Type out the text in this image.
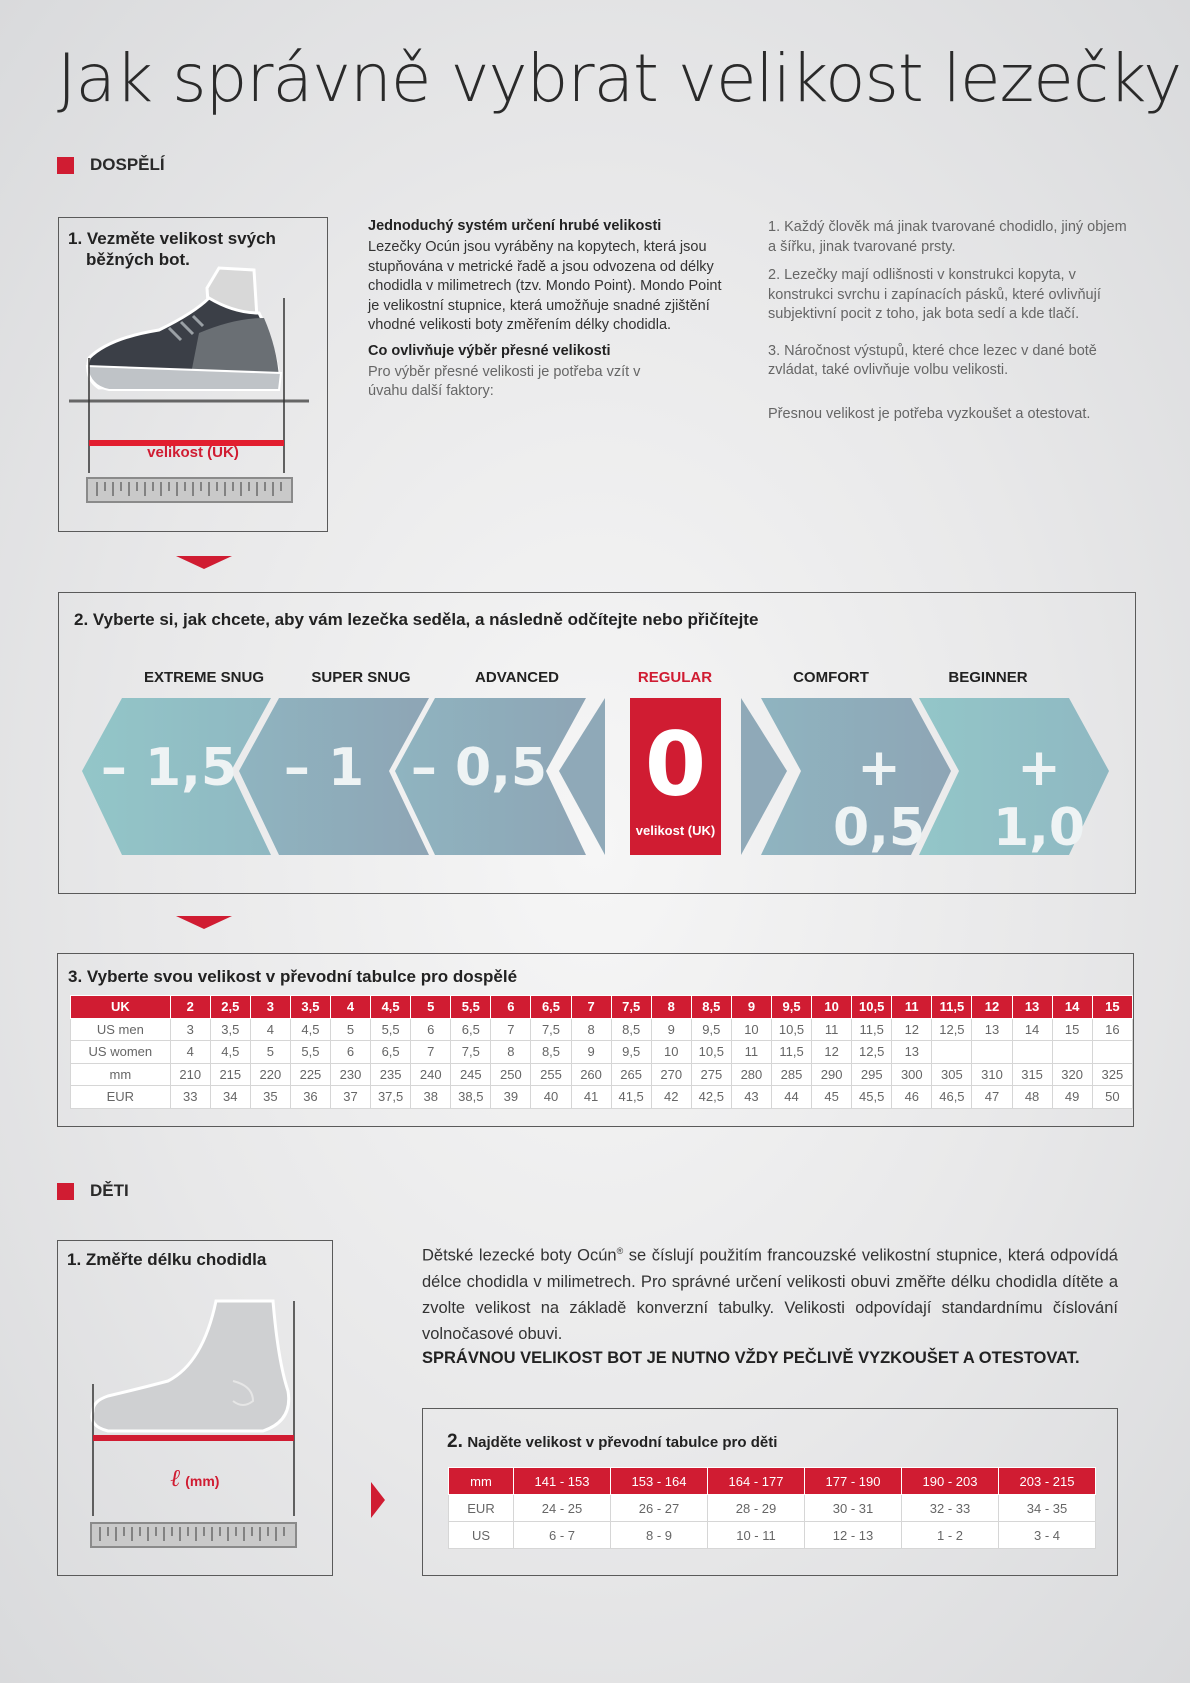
Jak správně vybrat velikost lezečky
DOSPĚLÍ
1. Vezměte velikost svých
běžných bot.
velikost (UK)
Jednoduchý systém určení hrubé velikosti
Lezečky Ocún jsou vyráběny na kopytech, která jsou stupňována v metrické řadě a jsou odvozena od délky chodidla v milimetrech (tzv. Mondo Point). Mondo Point je velikostní stupnice, která umožňuje snadné zjištění vhodné velikosti boty změřením délky chodidla.
Co ovlivňuje výběr přesné velikosti
Pro výběr přesné velikosti je potřeba vzít v úvahu další faktory:
1. Každý člověk má jinak tvarované chodidlo, jiný objem a šířku, jinak tvarované prsty.
2. Lezečky mají odlišnosti v konstrukci kopyta, v konstrukci svrchu i zapínacích pásků, které ovlivňují subjektivní pocit z toho, jak bota sedí a kde tlačí.
3. Náročnost výstupů, které chce lezec v dané botě zvládat, také ovlivňuje volbu velikosti.
Přesnou velikost je potřeba vyzkoušet a otestovat.
2. Vyberte si, jak chcete, aby vám lezečka seděla, a následně odčítejte nebo přičítejte
EXTREME SNUG	SUPER SNUG	ADVANCED	REGULAR	COMFORT	BEGINNER
– 1,5 – 1 – 0,5 0
velikost (UK)
+ 0,5
+ 1,0
3. Vyberte svou velikost v převodní tabulce pro dospělé
UK	2	2,5	3	3,5	4	4,5	5	5,5	6	6,5	7	7,5	8	8,5	9	9,5	10	10,5	11	11,5	12	13	14	15
US men	3	3,5	4	4,5	5	5,5	6	6,5	7	7,5	8	8,5	9	9,5	10	10,5	11	11,5	12	12,5	13	14	15	16
US women	4	4,5	5	5,5	6	6,5	7	7,5	8	8,5	9	9,5	10	10,5	11	11,5	12	12,5	13					
mm	210	215	220	225	230	235	240	245	250	255	260	265	270	275	280	285	290	295	300	305	310	315	320	325
EUR	33	34	35	36	37	37,5	38	38,5	39	40	41	41,5	42	42,5	43	44	45	45,5	46	46,5	47	48	49	50
DĚTI
1. Změřte délku chodidla
ℓ (mm)
Dětské lezecké boty Ocún® se číslují použitím francouzské velikostní stupnice, která odpovídá délce chodidla v milimetrech. Pro správné určení velikosti obuvi změřte délku chodidla dítěte a zvolte velikost na základě konverzní tabulky. Velikosti odpovídají standardnímu číslování volnočasové obuvi.
SPRÁVNOU VELIKOST BOT JE NUTNO VŽDY PEČLIVĚ VYZKOUŠET A OTESTOVAT.
2. Najděte velikost v převodní tabulce pro děti
mm	141 - 153	153 - 164	164 - 177	177 - 190	190 - 203	203 - 215
EUR	24 - 25	26 - 27	28 - 29	30 - 31	32 - 33	34 - 35
US	6 - 7	8 - 9	10 - 11	12 - 13	1 - 2	3 - 4
